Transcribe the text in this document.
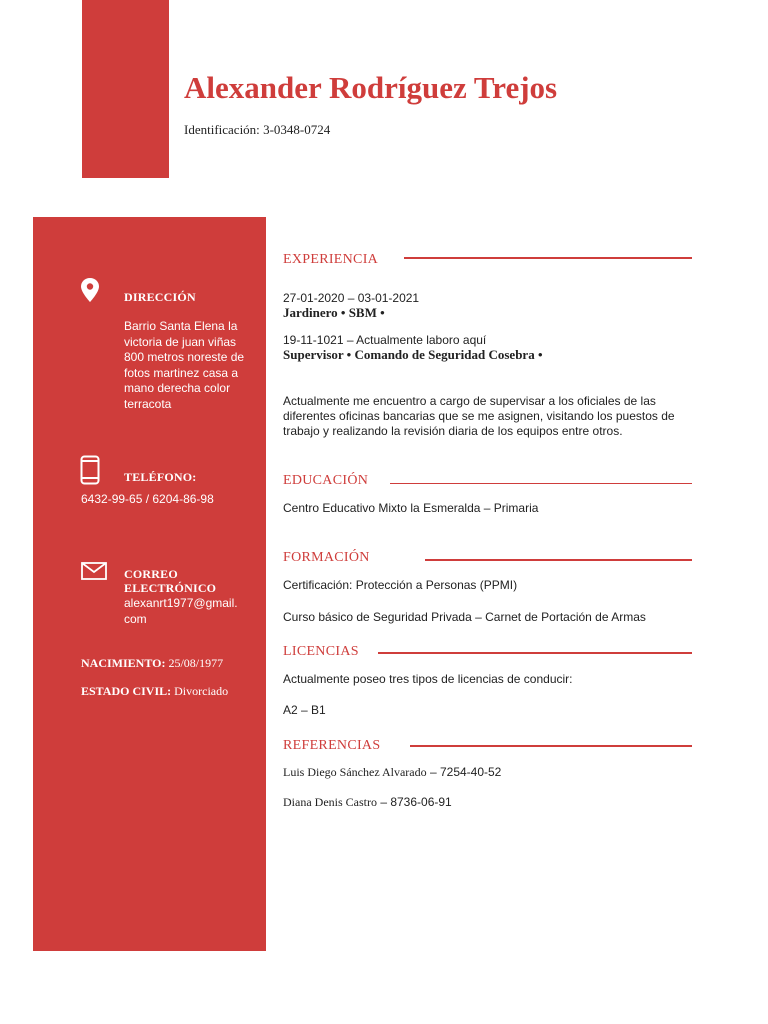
Alexander Rodríguez Trejos
Identificación: 3-0348-0724
DIRECCIÓN
Barrio Santa Elena la victoria de juan viñas 800 metros noreste de fotos martinez casa a mano derecha color terracota
TELÉFONO:
6432-99-65 / 6204-86-98
CORREO
ELECTRÓNICO
alexanrt1977@gmail.
com
NACIMIENTO: 25/08/1977
ESTADO CIVIL: Divorciado
EXPERIENCIA
27-01-2020 – 03-01-2021
Jardinero • SBM •
19-11-1021 – Actualmente laboro aquí
Supervisor • Comando de Seguridad Cosebra •
Actualmente me encuentro a cargo de supervisar a los oficiales de las diferentes oficinas bancarias que se me asignen, visitando los puestos de trabajo y realizando la revisión diaria de los equipos entre otros.
EDUCACIÓN
Centro Educativo Mixto la Esmeralda – Primaria
FORMACIÓN
Certificación: Protección a Personas (PPMI)
Curso básico de Seguridad Privada – Carnet de Portación de Armas
LICENCIAS
Actualmente poseo tres tipos de licencias de conducir:
A2 – B1
REFERENCIAS
Luis Diego Sánchez Alvarado – 7254-40-52
Diana Denis Castro – 8736-06-91
